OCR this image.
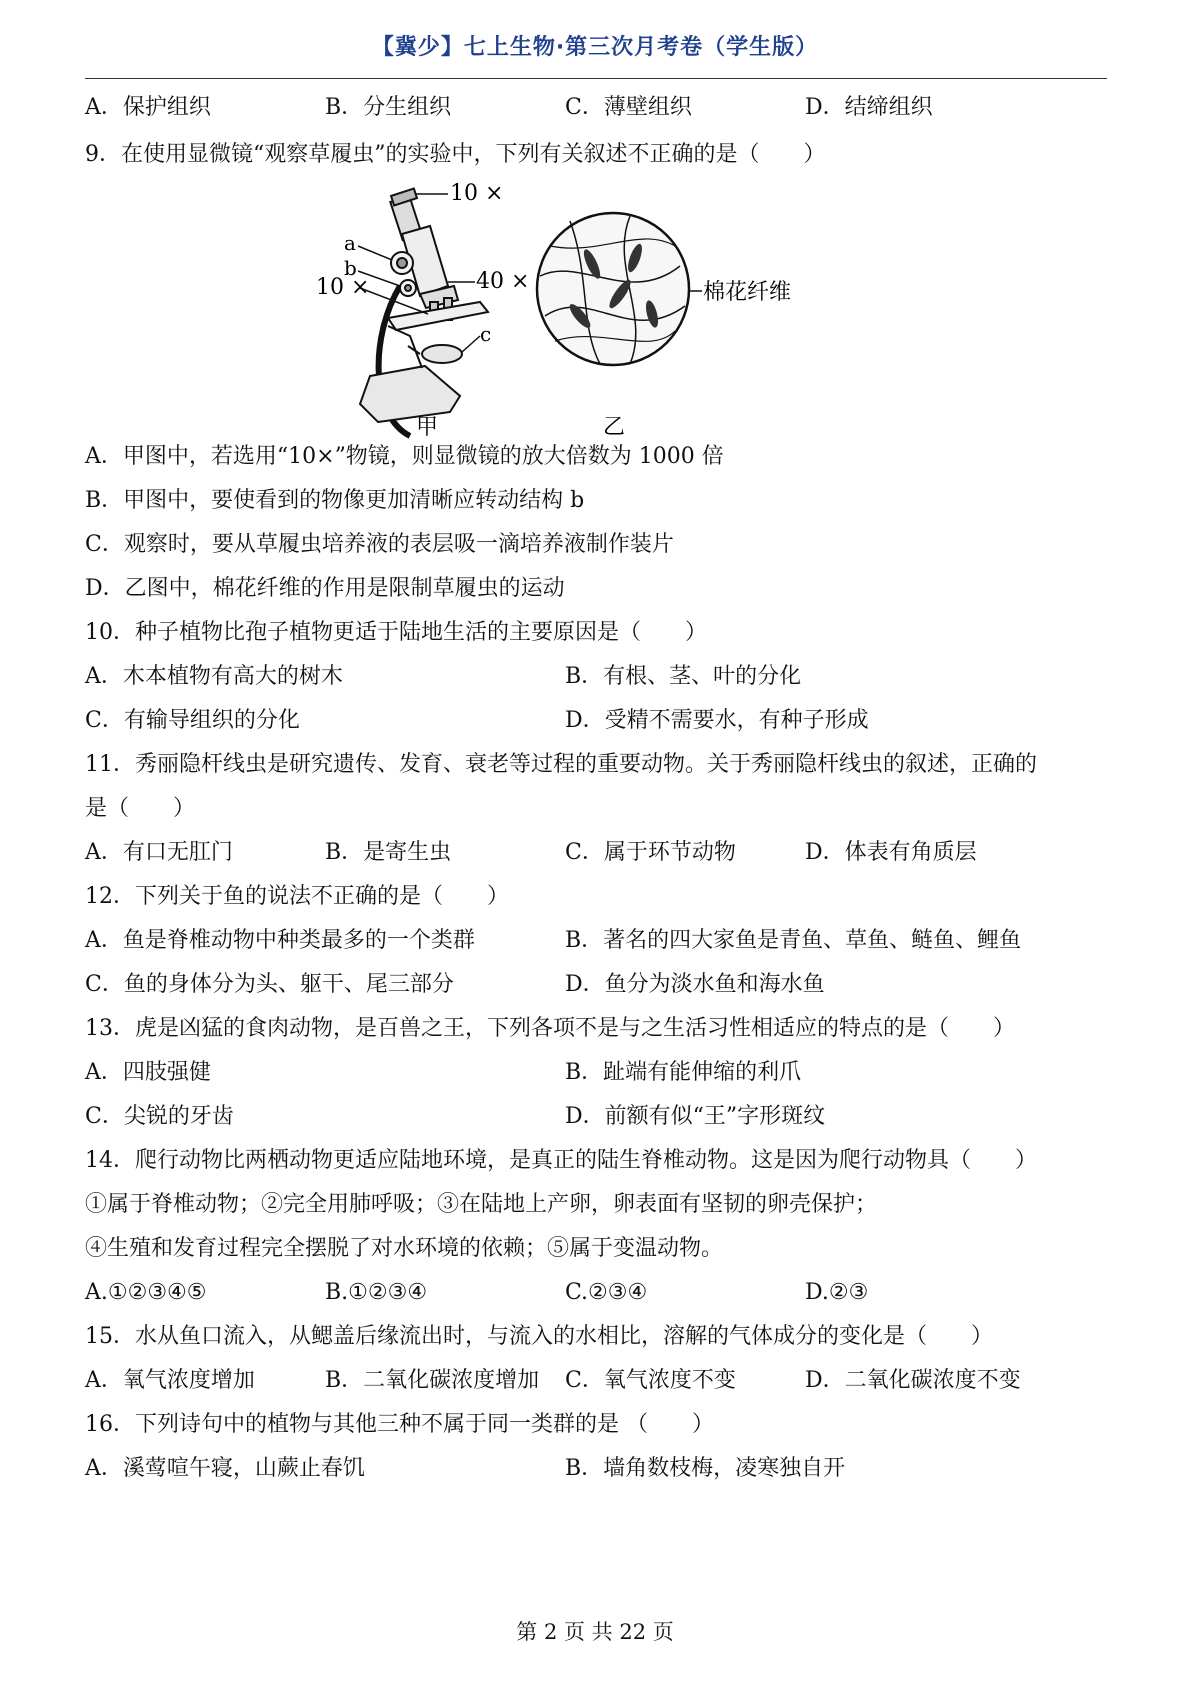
【冀少】七上生物·第三次月考卷（学生版）
A．保护组织	B．分生组织	C．薄壁组织	D．结缔组织
9．在使用显微镜“观察草履虫”的实验中，下列有关叙述不正确的是（　　）
10 ×
a
b
10 ×	40 ×
c
甲
棉花纤维
乙
A．甲图中，若选用“10×”物镜，则显微镜的放大倍数为 1000 倍
B．甲图中，要使看到的物像更加清晰应转动结构 b
C．观察时，要从草履虫培养液的表层吸一滴培养液制作装片
D．乙图中，棉花纤维的作用是限制草履虫的运动
10．种子植物比孢子植物更适于陆地生活的主要原因是（　　）
A．木本植物有高大的树木	B．有根、茎、叶的分化
C．有输导组织的分化	D．受精不需要水，有种子形成
11．秀丽隐杆线虫是研究遗传、发育、衰老等过程的重要动物。关于秀丽隐杆线虫的叙述，正确的
是（　　）
A．有口无肛门	B．是寄生虫	C．属于环节动物	D．体表有角质层
12．下列关于鱼的说法不正确的是（　　）
A．鱼是脊椎动物中种类最多的一个类群	B．著名的四大家鱼是青鱼、草鱼、鲢鱼、鲤鱼
C．鱼的身体分为头、躯干、尾三部分	D．鱼分为淡水鱼和海水鱼
13．虎是凶猛的食肉动物，是百兽之王，下列各项不是与之生活习性相适应的特点的是（　　）
A．四肢强健	B．趾端有能伸缩的利爪
C．尖锐的牙齿	D．前额有似“王”字形斑纹
14．爬行动物比两栖动物更适应陆地环境，是真正的陆生脊椎动物。这是因为爬行动物具（　　）
①属于脊椎动物；②完全用肺呼吸；③在陆地上产卵，卵表面有坚韧的卵壳保护；
④生殖和发育过程完全摆脱了对水环境的依赖；⑤属于变温动物。
A.①②③④⑤	B.①②③④	C.②③④	D.②③
15．水从鱼口流入，从鳃盖后缘流出时，与流入的水相比，溶解的气体成分的变化是（　　）
A．氧气浓度增加	B．二氧化碳浓度增加 C．氧气浓度不变	D．二氧化碳浓度不变
16．下列诗句中的植物与其他三种不属于同一类群的是 （　　）
A．溪莺喧午寝，山蕨止春饥	B．墙角数枝梅，凌寒独自开
第 2 页 共 22 页
